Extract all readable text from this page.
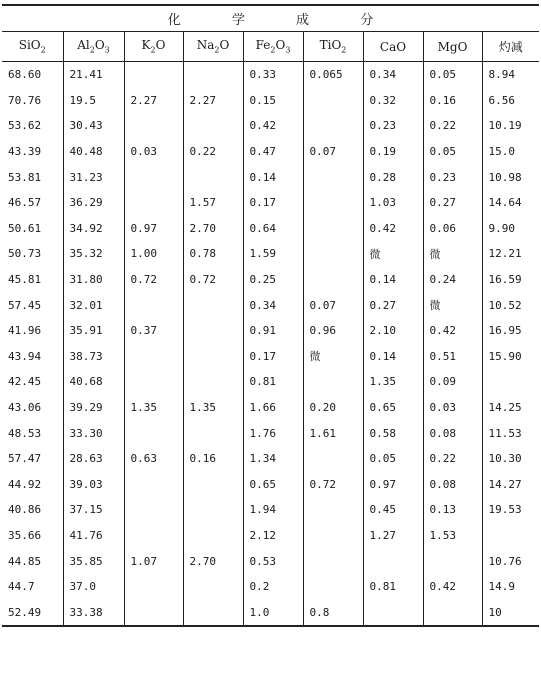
化 学 成 分								
SiO$_2$	$Al_2O_3$	$K_2O$	$Na_2O$	$Fe_2O_3$	TiO$_2$	CaO	MgO	灼减
68.60	21.41			0.33	0.065	0.34	0.05	8.94
70.76	19.5	2.27	2.27	0.15		0.32	0.16	6.56
53.62	30.43			0.42		0.23	0.22	10.19
43.39	40.48	0.03	0.22	0.47	0.07	0.19	0.05	15.0
53.81	31.23			0.14		0.28	0.23	10.98
46.57	36.29		1.57	0.17		1.03	0.27	14.64
50.61	34.92	0.97	2.70	0.64		0.42	0.06	9.90
50.73	35.32	1.00	0.78	1.59		微	微	12.21
45.81	31.80	0.72	0.72	0.25		0.14	0.24	16.59
57.45	32.01			0.34	0.07	0.27	微	10.52
41.96	35.91	0.37		0.91	0.96	2.10	0.42	16.95
43.94	38.73			0.17	微	0.14	0.51	15.90
42.45	40.68			0.81		1.35	0.09	
43.06	39.29	1.35	1.35	1.66	0.20	0.65	0.03	14.25
48.53	33.30			1.76	1.61	0.58	0.08	11.53
57.47	28.63	0.63	0.16	1.34		0.05	0.22	10.30
44.92	39.03			0.65	0.72	0.97	0.08	14.27
40.86	37.15			1.94		0.45	0.13	19.53
35.66	41.76			2.12		1.27	1.53	
44.85	35.85	1.07	2.70	0.53				10.76
44.7	37.0			0.2		0.81	0.42	14.9
52.49	33.38			1.0	0.8			10
